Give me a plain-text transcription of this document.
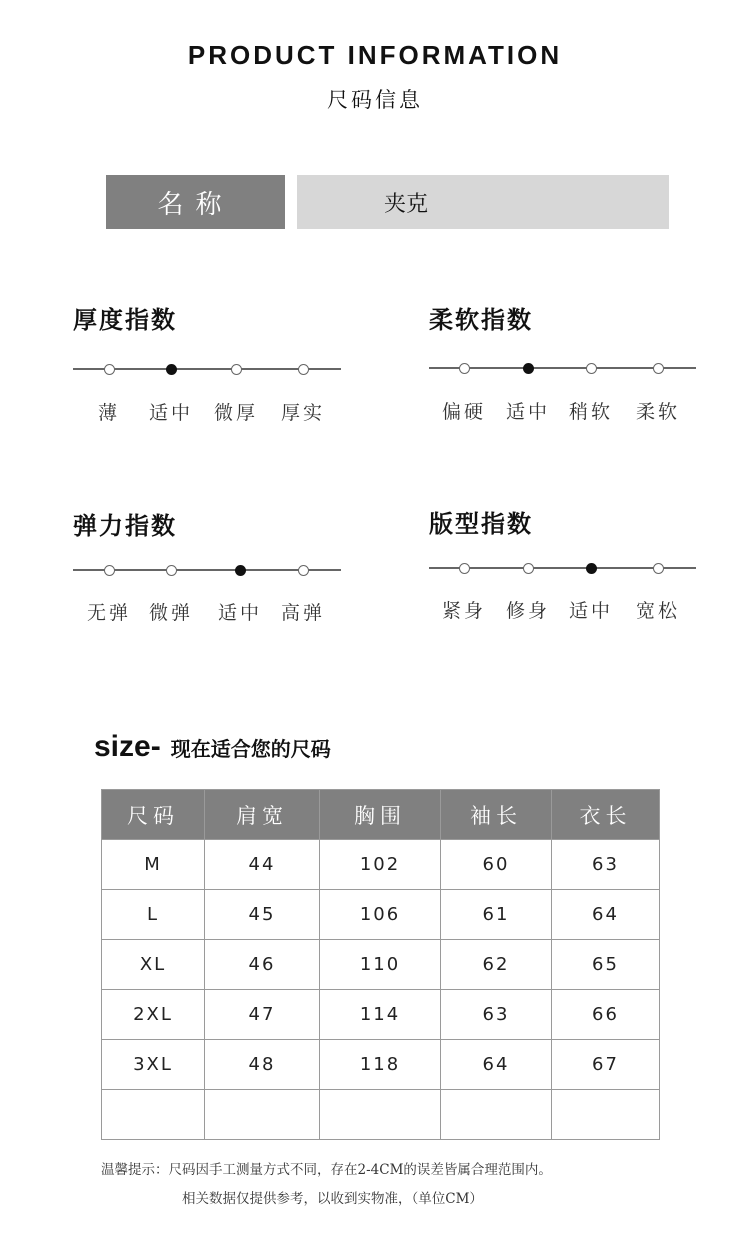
PRODUCT INFORMATION
尺码信息
名称	夹克
厚度指数
薄	适中	微厚	厚实
柔软指数
偏硬	适中 稍软	柔软
弹力指数
无弹 微弹	适中 高弹
版型指数
紧身	修身 适中	宽松
size- 现在适合您的尺码
尺码	肩宽	胸围	袖长	衣长
M	44	102	60	63
L	45	106	61	64
XL	46	110	62	65
2XL	47	114	63	66
3XL	48	118	64	67

温馨提示：尺码因手工测量方式不同，存在2-4CM的误差皆属合理范围内。
相关数据仅提供参考，以收到实物准，（单位CM）
